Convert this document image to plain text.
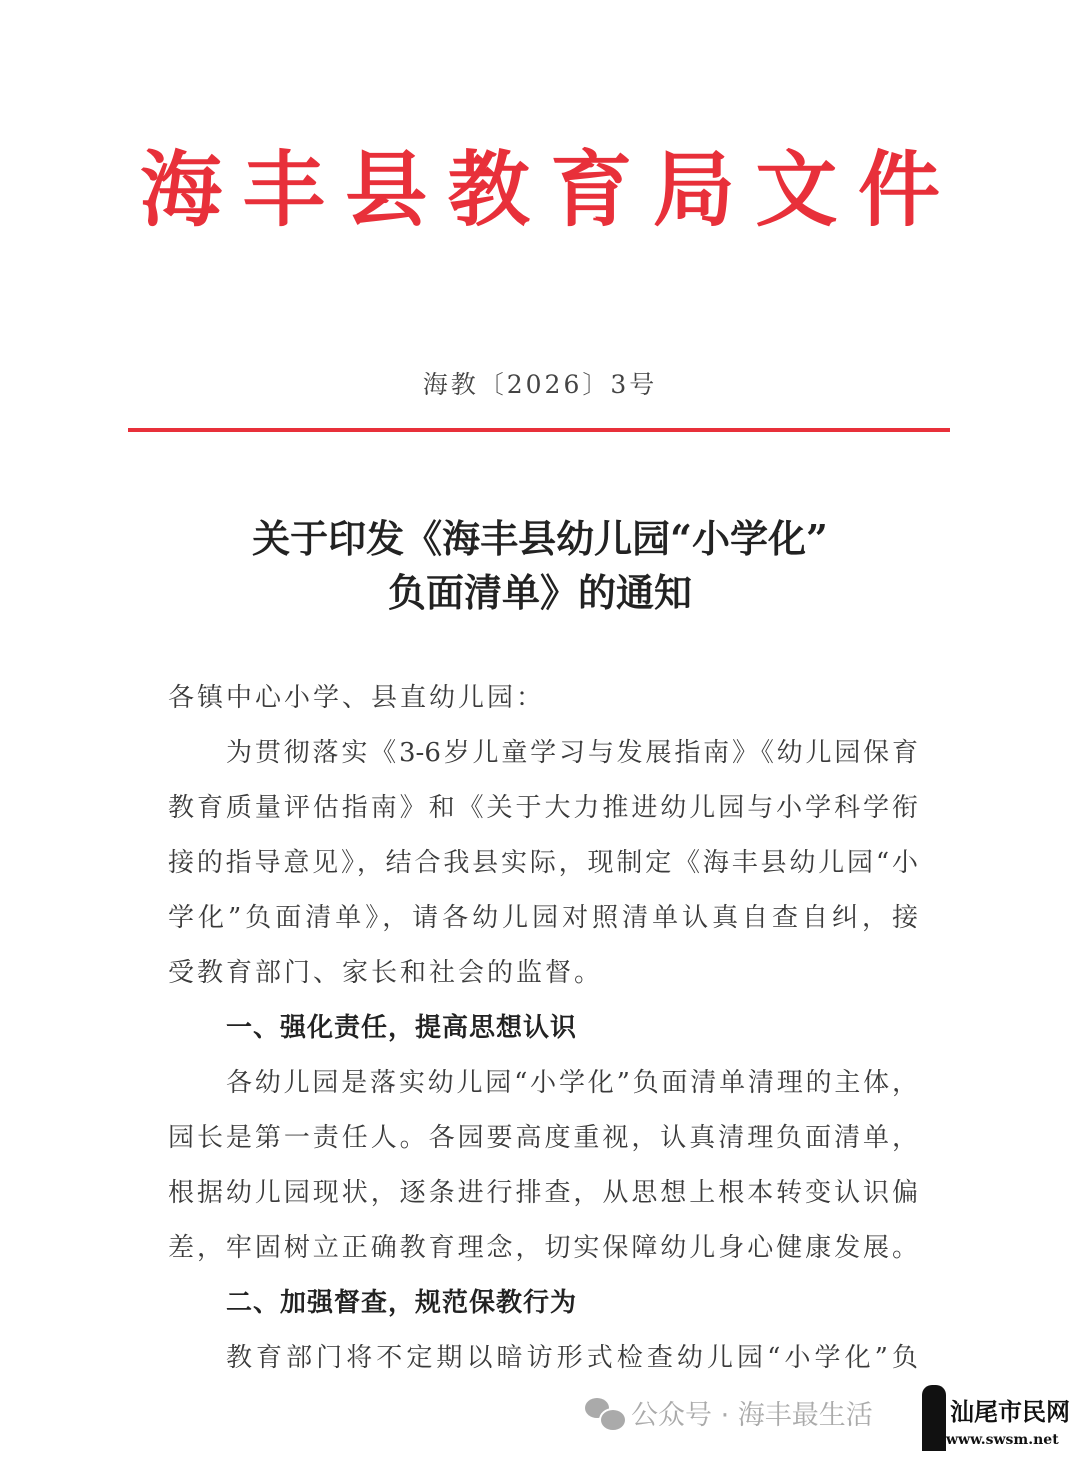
海 丰 县 教 育 局 文 件
海教〔2026〕3号
关于印发《海丰县幼儿园“小学化”
负面清单》的通知
各镇中心小学、县直幼儿园：
为贯彻落实《3-6岁儿童学习与发展指南》《幼儿园保育
教育质量评估指南》和《关于大力推进幼儿园与小学科学衔
接的指导意见》，结合我县实际，现制定《海丰县幼儿园“小
学化”负面清单》，请各幼儿园对照清单认真自查自纠，接
受教育部门、家长和社会的监督。
一、强化责任，提高思想认识
各幼儿园是落实幼儿园“小学化”负面清单清理的主体，
园长是第一责任人。各园要高度重视，认真清理负面清单，
根据幼儿园现状，逐条进行排查，从思想上根本转变认识偏
差，牢固树立正确教育理念，切实保障幼儿身心健康发展。
二、加强督查，规范保教行为
教育部门将不定期以暗访形式检查幼儿园“小学化”负
公众号 · 海丰最生活	汕尾市民网
www.swsm.net
